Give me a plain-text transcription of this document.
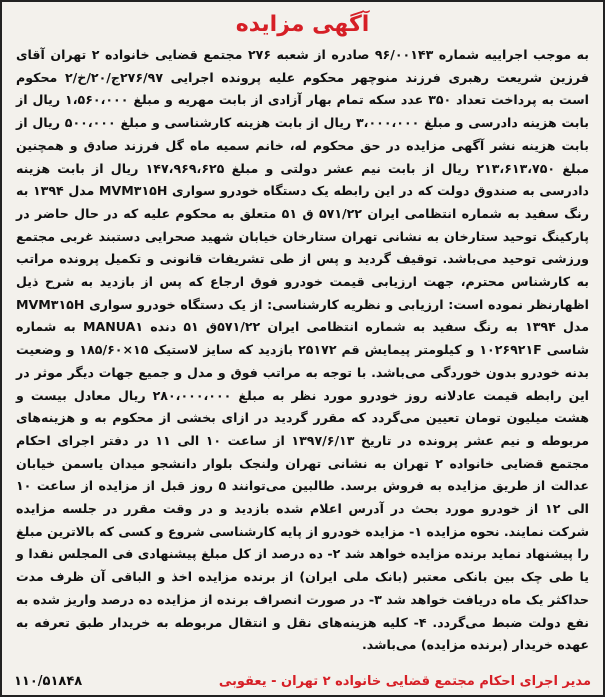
آگهی مزایده

به موجب اجراییه شماره ۹۶/۰۰۱۴۳ صادره از شعبه ۲۷۶ مجتمع قضایی خانواده ۲ تهران آقای فرزین شریعت رهبری فرزند منوچهر محکوم علیه پرونده اجرایی ۲۷۶/۹۷ج/۲۰/خ/۲ محکوم است به پرداخت تعداد ۳۵۰ عدد سکه تمام بهار آزادی از بابت مهریه و مبلغ ۱،۵۶۰،۰۰۰ ریال از بابت هزینه دادرسی و مبلغ ۳،۰۰۰،۰۰۰ ریال از بابت هزینه کارشناسی و مبلغ ۵۰۰،۰۰۰ ریال از بابت هزینه نشر آگهی مزایده در حق محکوم له، خانم سمیه ماه گل فرزند صادق و همچنین مبلغ ۲۱۳،۶۱۳،۷۵۰ ریال از بابت نیم عشر دولتی و مبلغ ۱۴۷،۹۶۹،۶۲۵ ریال از بابت هزینه دادرسی به صندوق دولت که در این رابطه یک دستگاه خودرو سواری MVM۳۱۵H مدل ۱۳۹۴ به رنگ سفید به شماره انتظامی ایران ۵۷۱/۲۲ ق ۵۱ متعلق به محکوم علیه که در حال حاضر در پارکینگ توحید ستارخان به نشانی تهران ستارخان خیابان شهید صحرایی دستبند غربی مجتمع ورزشی توحید می‌باشد. توقیف گردید و پس از طی تشریفات قانونی و تکمیل پرونده مراتب به کارشناس محترم، جهت ارزیابی قیمت خودرو فوق ارجاع که پس از بازدید به شرح ذیل اظهارنظر نموده است: ارزیابی و نظریه کارشناسی: از یک دستگاه خودرو سواری MVM۳۱۵H مدل ۱۳۹۴ به رنگ سفید به شماره انتظامی ایران ۵۷۱/۲۲ق ۵۱ دنده MANUA۱ به شماره شاسی ۱۰۲۶۹۲۱F و کیلومتر پیمایش قم ۲۵۱۷۲ بازدید که سایز لاستیک ۱۵×۱۸۵/۶۰ و وضعیت بدنه خودرو بدون خوردگی می‌باشد. با توجه به مراتب فوق و مدل و جمیع جهات دیگر موثر در این رابطه قیمت عادلانه روز خودرو مورد نظر به مبلغ ۲۸۰،۰۰۰،۰۰۰ ریال معادل بیست و هشت میلیون تومان تعیین می‌گردد که مقرر گردید در ازای بخشی از محکوم به و هزینه‌های مربوطه و نیم عشر پرونده در تاریخ ۱۳۹۷/۶/۱۳ از ساعت ۱۰ الی ۱۱ در دفتر اجرای احکام مجتمع قضایی خانواده ۲ تهران به نشانی تهران ولنجک بلوار دانشجو میدان یاسمن خیابان عدالت از طریق مزایده به فروش برسد. طالبین می‌توانند ۵ روز قبل از مزایده از ساعت ۱۰ الی ۱۲ از خودرو مورد بحث در آدرس اعلام شده بازدید و در وقت مقرر در جلسه مزایده شرکت نمایند. نحوه مزایده ۱- مزایده خودرو از پایه کارشناسی شروع و کسی که بالاترین مبلغ را پیشنهاد نماید برنده مزایده خواهد شد ۲- ده درصد از کل مبلغ پیشنهادی فی المجلس نقدا و یا طی چک بین بانکی معتبر (بانک ملی ایران) از برنده مزایده اخذ و الباقی آن ظرف مدت حداکثر یک ماه دریافت خواهد شد ۳- در صورت انصراف برنده از مزایده ده درصد واریز شده به نفع دولت ضبط می‌گردد. ۴- کلیه هزینه‌های نقل و انتقال مربوطه به خریدار طبق تعرفه به عهده خریدار (برنده مزایده) می‌باشد.

مدیر اجرای احکام مجتمع قضایی خانواده ۲ تهران - یعقوبی
۱۱۰/۵۱۸۴۸
